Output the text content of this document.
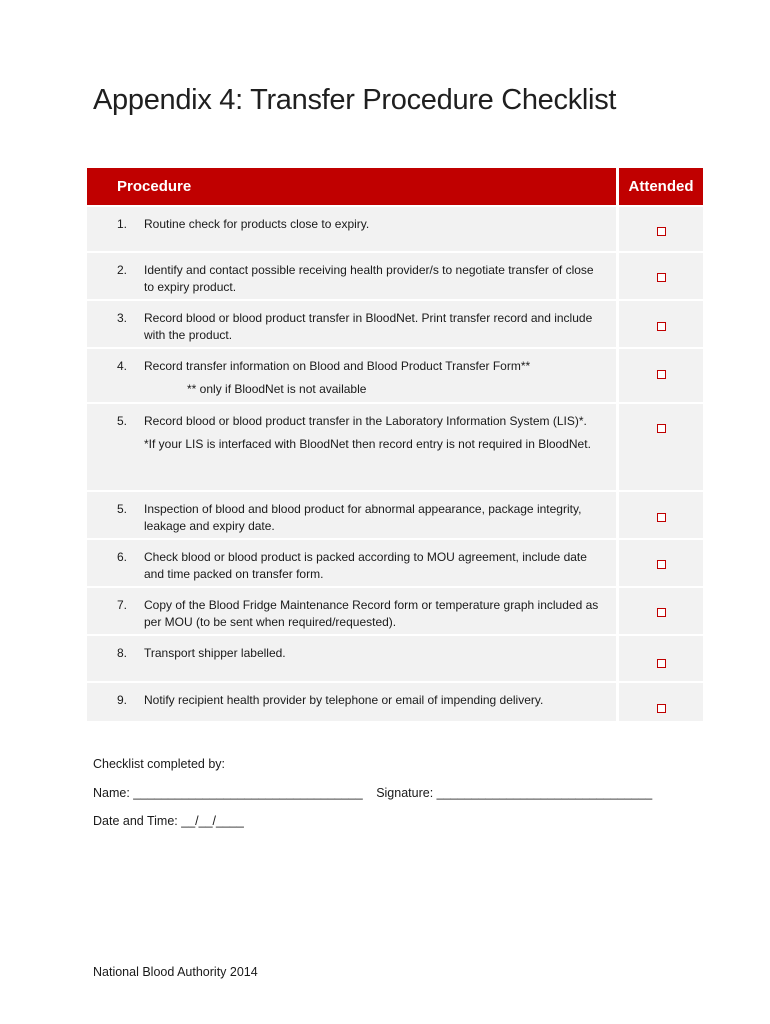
Appendix 4: Transfer Procedure Checklist
Procedure	Attended
1.	Routine check for products close to expiry.
2.	Identify and contact possible receiving health provider/s to negotiate transfer of close to expiry product.
3.	Record blood or blood product transfer in BloodNet. Print transfer record and include with the product.
4.	Record transfer information on Blood and Blood Product Transfer Form**
** only if BloodNet is not available
5.	Record blood or blood product transfer in the Laboratory Information System (LIS)*.
*If your LIS is interfaced with BloodNet then record entry is not required in BloodNet.
5.	Inspection of blood and blood product for abnormal appearance, package integrity, leakage and expiry date.
6.	Check blood or blood product is packed according to MOU agreement, include date and time packed on transfer form.
7.	Copy of the Blood Fridge Maintenance Record form or temperature graph included as per MOU (to be sent when required/requested).
8.	Transport shipper labelled.
9.	Notify recipient health provider by telephone or email of impending delivery.
Checklist completed by:
Name: _________________________________ Signature: _______________________________
Date and Time: __/__/____
National Blood Authority 2014
